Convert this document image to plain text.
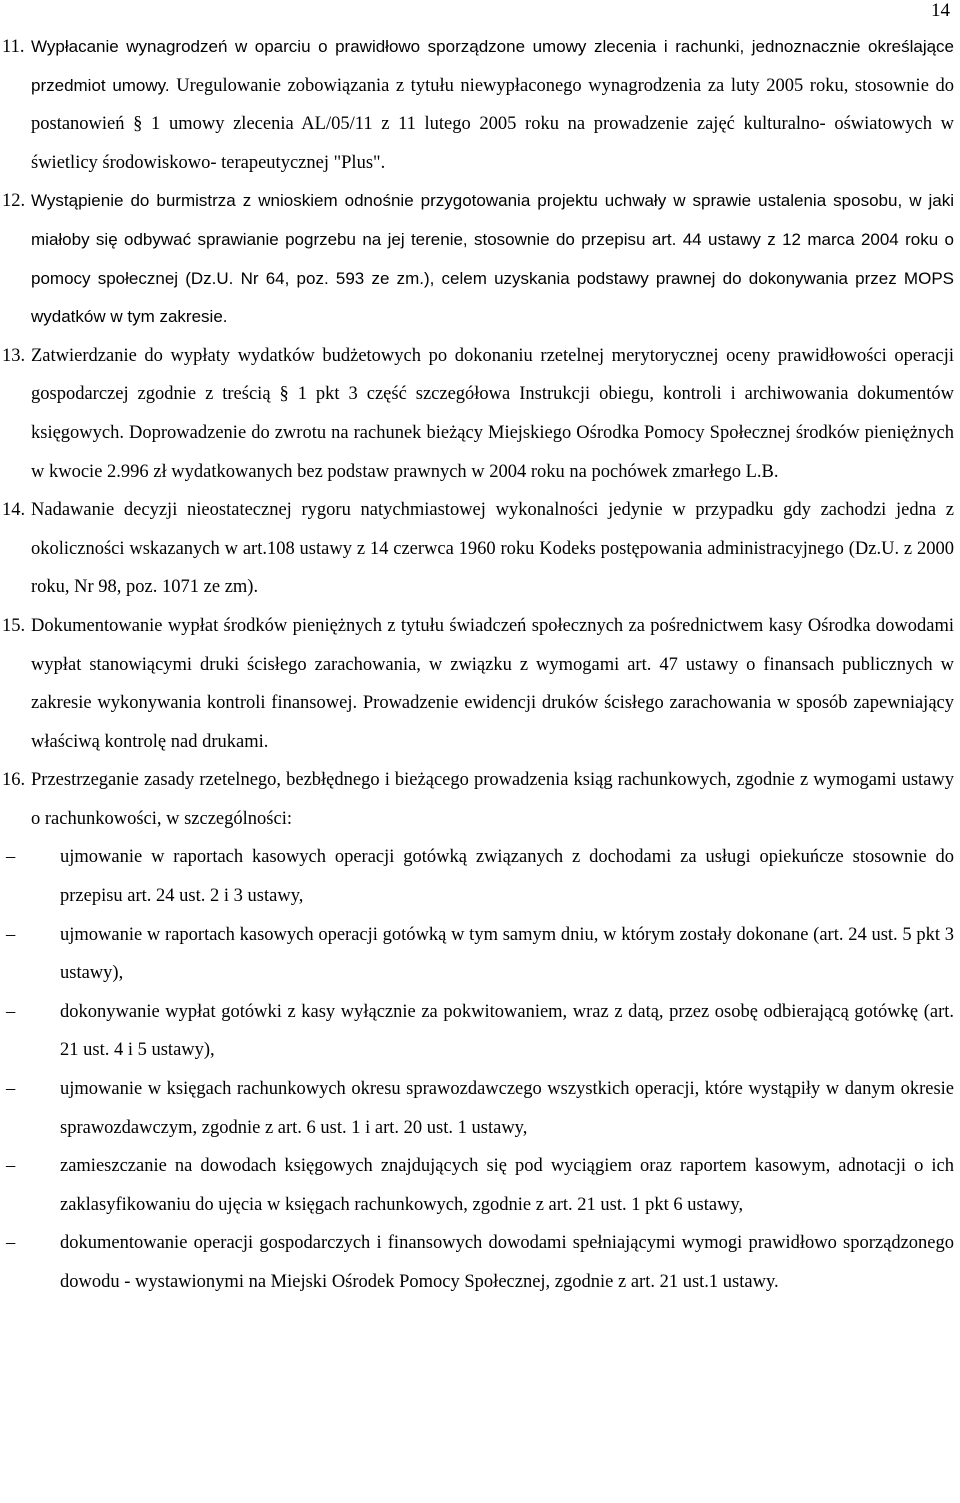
14
11. Wypłacanie wynagrodzeń w oparciu o prawidłowo sporządzone umowy zlecenia i rachunki, jednoznacznie określające przedmiot umowy. Uregulowanie zobowiązania z tytułu niewypłaconego wynagrodzenia za luty 2005 roku, stosownie do postanowień § 1 umowy zlecenia AL/05/11 z 11 lutego 2005 roku na prowadzenie zajęć kulturalno- oświatowych w świetlicy środowiskowo- terapeutycznej "Plus".
12. Wystąpienie do burmistrza z wnioskiem odnośnie przygotowania projektu uchwały w sprawie ustalenia sposobu, w jaki miałoby się odbywać sprawianie pogrzebu na jej terenie, stosownie do przepisu art. 44 ustawy z 12 marca 2004 roku o pomocy społecznej (Dz.U. Nr 64, poz. 593 ze zm.), celem uzyskania podstawy prawnej do dokonywania przez MOPS wydatków w tym zakresie.
13. Zatwierdzanie do wypłaty wydatków budżetowych po dokonaniu rzetelnej merytorycznej oceny prawidłowości operacji gospodarczej zgodnie z treścią § 1 pkt 3 część szczegółowa Instrukcji obiegu, kontroli i archiwowania dokumentów księgowych. Doprowadzenie do zwrotu na rachunek bieżący Miejskiego Ośrodka Pomocy Społecznej środków pieniężnych w kwocie 2.996 zł wydatkowanych bez podstaw prawnych w 2004 roku na pochówek zmarłego L.B.
14. Nadawanie decyzji nieostatecznej rygoru natychmiastowej wykonalności jedynie w przypadku gdy zachodzi jedna z okoliczności wskazanych w art.108 ustawy z 14 czerwca 1960 roku Kodeks postępowania administracyjnego (Dz.U. z 2000 roku, Nr 98, poz. 1071 ze zm).
15. Dokumentowanie wypłat środków pieniężnych z tytułu świadczeń społecznych za pośrednictwem kasy Ośrodka dowodami wypłat stanowiącymi druki ścisłego zarachowania, w związku z wymogami art. 47 ustawy o finansach publicznych w zakresie wykonywania kontroli finansowej. Prowadzenie ewidencji druków ścisłego zarachowania w sposób zapewniający właściwą kontrolę nad drukami.
16. Przestrzeganie zasady rzetelnego, bezbłędnego i bieżącego prowadzenia ksiąg rachunkowych, zgodnie z wymogami ustawy o rachunkowości, w szczególności:
– ujmowanie w raportach kasowych operacji gotówką związanych z dochodami za usługi opiekuńcze stosownie do przepisu art. 24 ust. 2 i 3 ustawy,
– ujmowanie w raportach kasowych operacji gotówką w tym samym dniu, w którym zostały dokonane (art. 24 ust. 5 pkt 3 ustawy),
– dokonywanie wypłat gotówki z kasy wyłącznie za pokwitowaniem, wraz z datą, przez osobę odbierającą gotówkę (art. 21 ust. 4 i 5 ustawy),
– ujmowanie w księgach rachunkowych okresu sprawozdawczego wszystkich operacji, które wystąpiły w danym okresie sprawozdawczym, zgodnie z art. 6 ust. 1 i art. 20 ust. 1 ustawy,
– zamieszczanie na dowodach księgowych znajdujących się pod wyciągiem oraz raportem kasowym, adnotacji o ich zaklasyfikowaniu do ujęcia w księgach rachunkowych, zgodnie z art. 21 ust. 1 pkt 6 ustawy,
– dokumentowanie operacji gospodarczych i finansowych dowodami spełniającymi wymogi prawidłowo sporządzonego dowodu - wystawionymi na Miejski Ośrodek Pomocy Społecznej, zgodnie z art. 21 ust.1 ustawy.
